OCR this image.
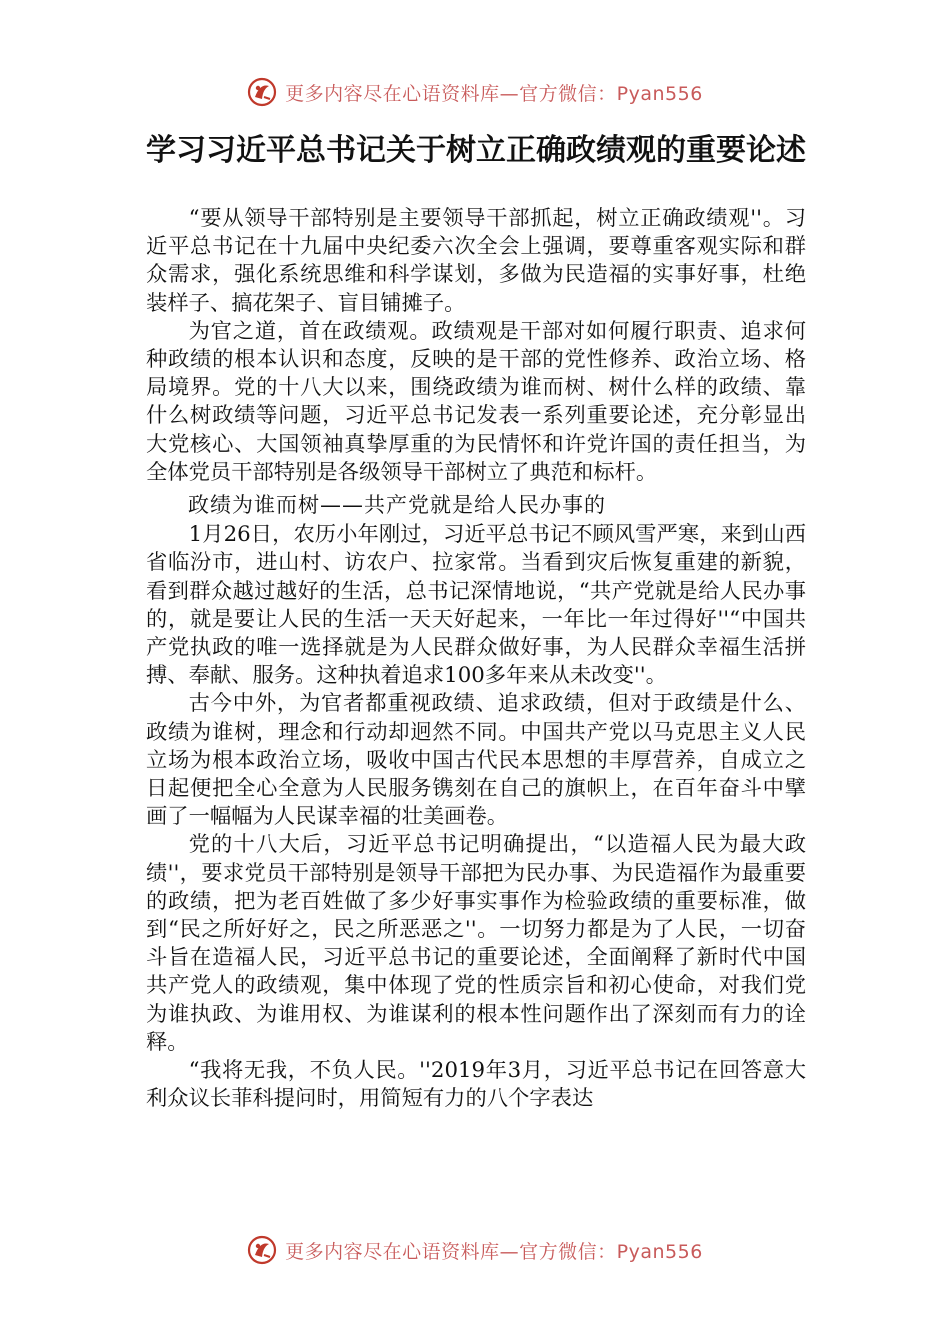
更多内容尽在心语资料库—官方微信：Pyan556
学习习近平总书记关于树立正确政绩观的重要论述

“要从领导干部特别是主要领导干部抓起，树立正确政绩观''。习近平总书记在十九届中央纪委六次全会上强调，要尊重客观实际和群众需求，强化系统思维和科学谋划，多做为民造福的实事好事，杜绝装样子、搞花架子、盲目铺摊子。

为官之道，首在政绩观。政绩观是干部对如何履行职责、追求何种政绩的根本认识和态度，反映的是干部的党性修养、政治立场、格局境界。党的十八大以来，围绕政绩为谁而树、树什么样的政绩、靠什么树政绩等问题，习近平总书记发表一系列重要论述，充分彰显出大党核心、大国领袖真挚厚重的为民情怀和许党许国的责任担当，为全体党员干部特别是各级领导干部树立了典范和标杆。

政绩为谁而树——共产党就是给人民办事的

1月26日，农历小年刚过，习近平总书记不顾风雪严寒，来到山西省临汾市，进山村、访农户、拉家常。当看到灾后恢复重建的新貌，看到群众越过越好的生活，总书记深情地说，“共产党就是给人民办事的，就是要让人民的生活一天天好起来，一年比一年过得好''“中国共产党执政的唯一选择就是为人民群众做好事，为人民群众幸福生活拼搏、奉献、服务。这种执着追求100多年来从未改变''。

古今中外，为官者都重视政绩、追求政绩，但对于政绩是什么、政绩为谁树，理念和行动却迥然不同。中国共产党以马克思主义人民立场为根本政治立场，吸收中国古代民本思想的丰厚营养，自成立之日起便把全心全意为人民服务镌刻在自己的旗帜上，在百年奋斗中擘画了一幅幅为人民谋幸福的壮美画卷。

党的十八大后，习近平总书记明确提出，“以造福人民为最大政绩''，要求党员干部特别是领导干部把为民办事、为民造福作为最重要的政绩，把为老百姓做了多少好事实事作为检验政绩的重要标准，做到“民之所好好之，民之所恶恶之''。一切努力都是为了人民，一切奋斗旨在造福人民，习近平总书记的重要论述，全面阐释了新时代中国共产党人的政绩观，集中体现了党的性质宗旨和初心使命，对我们党为谁执政、为谁用权、为谁谋利的根本性问题作出了深刻而有力的诠释。

“我将无我，不负人民。''2019年3月，习近平总书记在回答意大利众议长菲科提问时，用简短有力的八个字表达

更多内容尽在心语资料库—官方微信：Pyan556
